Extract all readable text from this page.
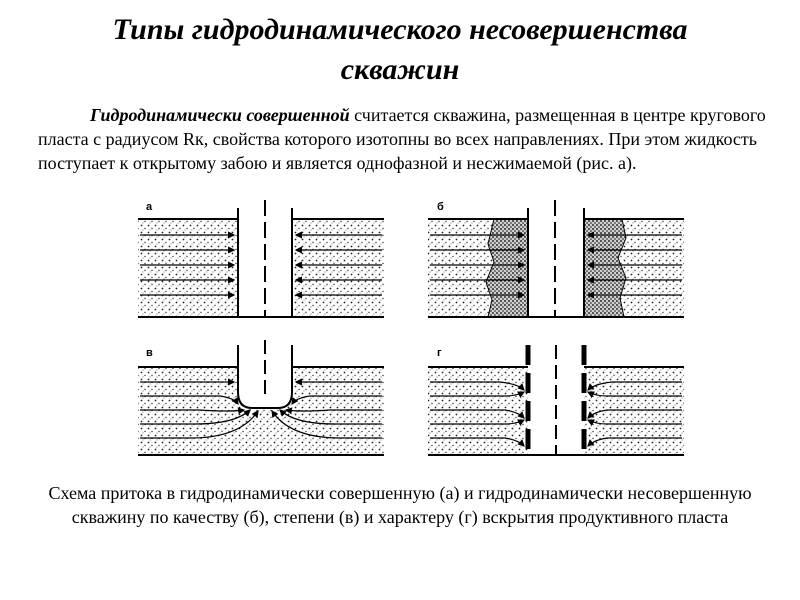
Типы гидродинамического несовершенства
скважин
Гидродинамически совершенной считается скважина, размещенная в центре кругового пласта с радиусом Rк, свойства которого изотопны во всех направлениях. При этом жидкость поступает к открытому забою и является однофазной и несжимаемой (рис. а).
а	б
в	г
Схема притока в гидродинамически совершенную (а) и гидродинамически несовершенную скважину по качеству (б), степени (в) и характеру (г) вскрытия продуктивного пласта
